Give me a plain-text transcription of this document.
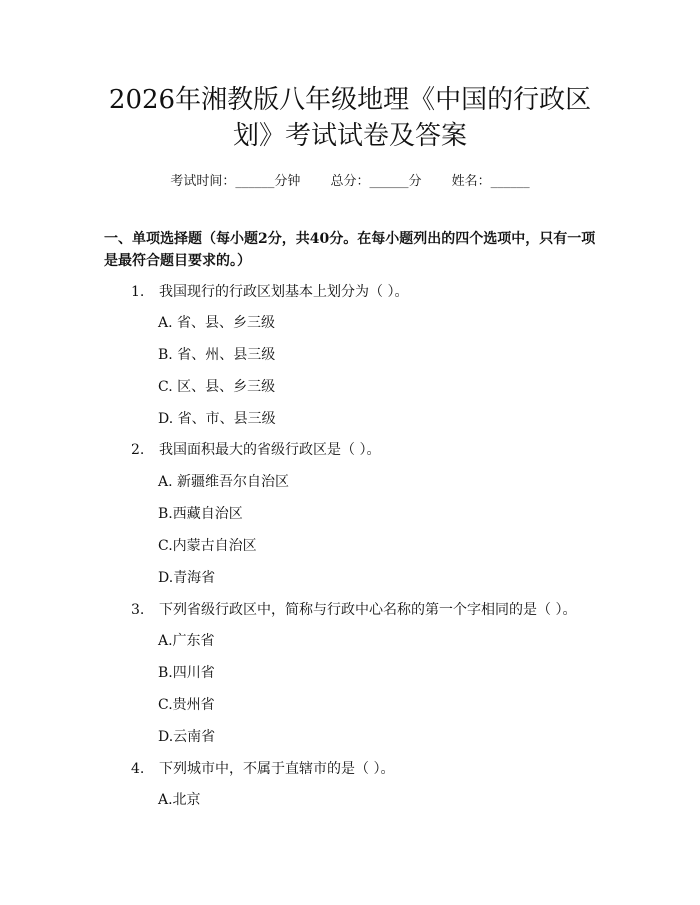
2026年湘教版八年级地理《中国的行政区
划》考试试卷及答案
考试时间：______分钟 总分：______分 姓名：______
一、单项选择题（每小题2分，共40分。在每小题列出的四个选项中，只有一项是最符合题目要求的。）
1. 我国现行的行政区划基本上划分为（ ）。
A. 省、县、乡三级
B. 省、州、县三级
C. 区、县、乡三级
D. 省、市、县三级
2. 我国面积最大的省级行政区是（ ）。
A. 新疆维吾尔自治区
B.西藏自治区
C.内蒙古自治区
D.青海省
3. 下列省级行政区中，简称与行政中心名称的第一个字相同的是（ ）。
A.广东省
B.四川省
C.贵州省
D.云南省
4. 下列城市中，不属于直辖市的是（ ）。
A.北京
